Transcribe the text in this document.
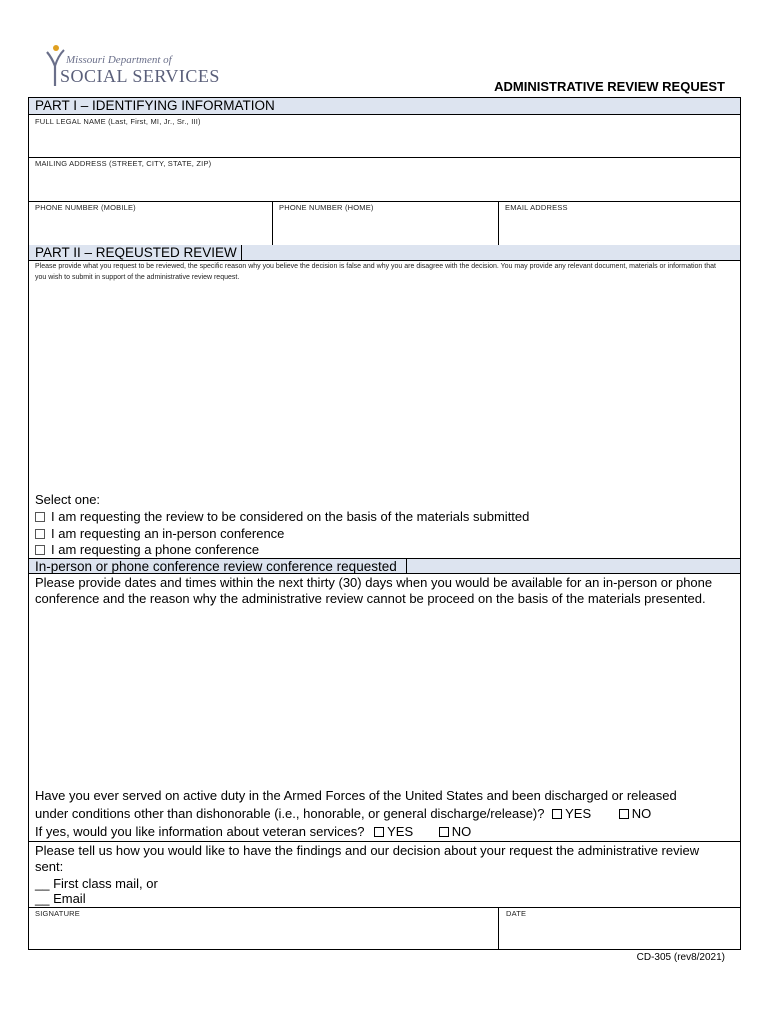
Missouri Department of
SOCIAL SERVICES
ADMINISTRATIVE REVIEW REQUEST
PART I – IDENTIFYING INFORMATION
FULL LEGAL NAME (Last, First, MI, Jr., Sr., III)
MAILING ADDRESS (STREET, CITY, STATE, ZIP)
PHONE NUMBER (MOBILE)	PHONE NUMBER (HOME)	EMAIL ADDRESS
PART II – REQEUSTED REVIEW
Please provide what you request to be reviewed, the specific reason why you believe the decision is false and why you are disagree with the decision. You may provide any relevant document, materials or information that you wish to submit in support of the administrative review request.
Select one:
I am requesting the review to be considered on the basis of the materials submitted
I am requesting an in-person conference
I am requesting a phone conference
In-person or phone conference review conference requested
Please provide dates and times within the next thirty (30) days when you would be available for an in-person or phone conference and the reason why the administrative review cannot be proceed on the basis of the materials presented.
Have you ever served on active duty in the Armed Forces of the United States and been discharged or released
under conditions other than dishonorable (i.e., honorable, or general discharge/release)? YES	NO
If yes, would you like information about veteran services? YES	NO
Please tell us how you would like to have the findings and our decision about your request the administrative review sent:
__ First class mail, or
__ Email
SIGNATURE	DATE
CD-305 (rev8/2021)
